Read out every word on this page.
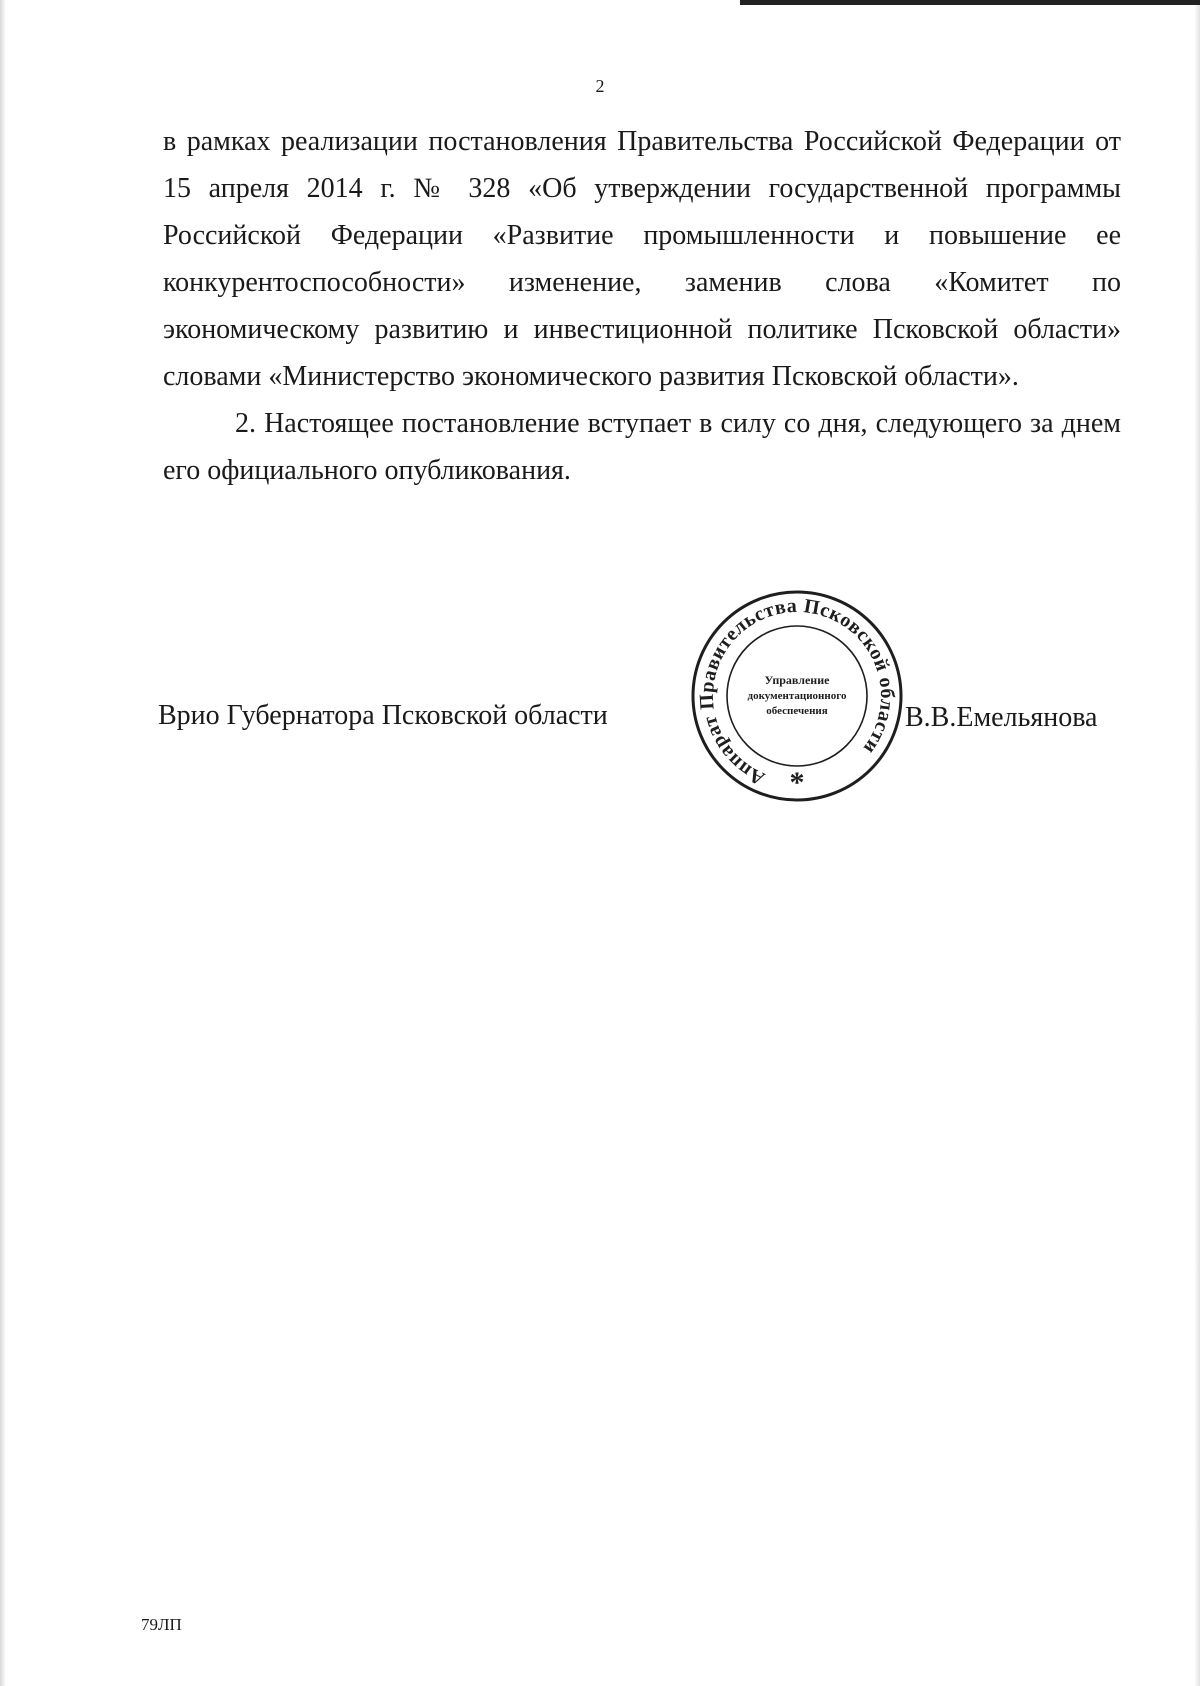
2

в рамках реализации постановления Правительства Российской Федерации от 15 апреля 2014 г. № 328 «Об утверждении государственной программы Российской Федерации «Развитие промышленности и повышение ее конкурентоспособности» изменение, заменив слова «Комитет по экономическому развитию и инвестиционной политике Псковской области» словами «Министерство экономического развития Псковской области».

2. Настоящее постановление вступает в силу со дня, следующего за днем его официального опубликования.

Врио Губернатора Псковской области	В.В.Емельянова
Аппарат Правительства Псковской области
Управление
документационного
обеспечения
*
79ЛП
